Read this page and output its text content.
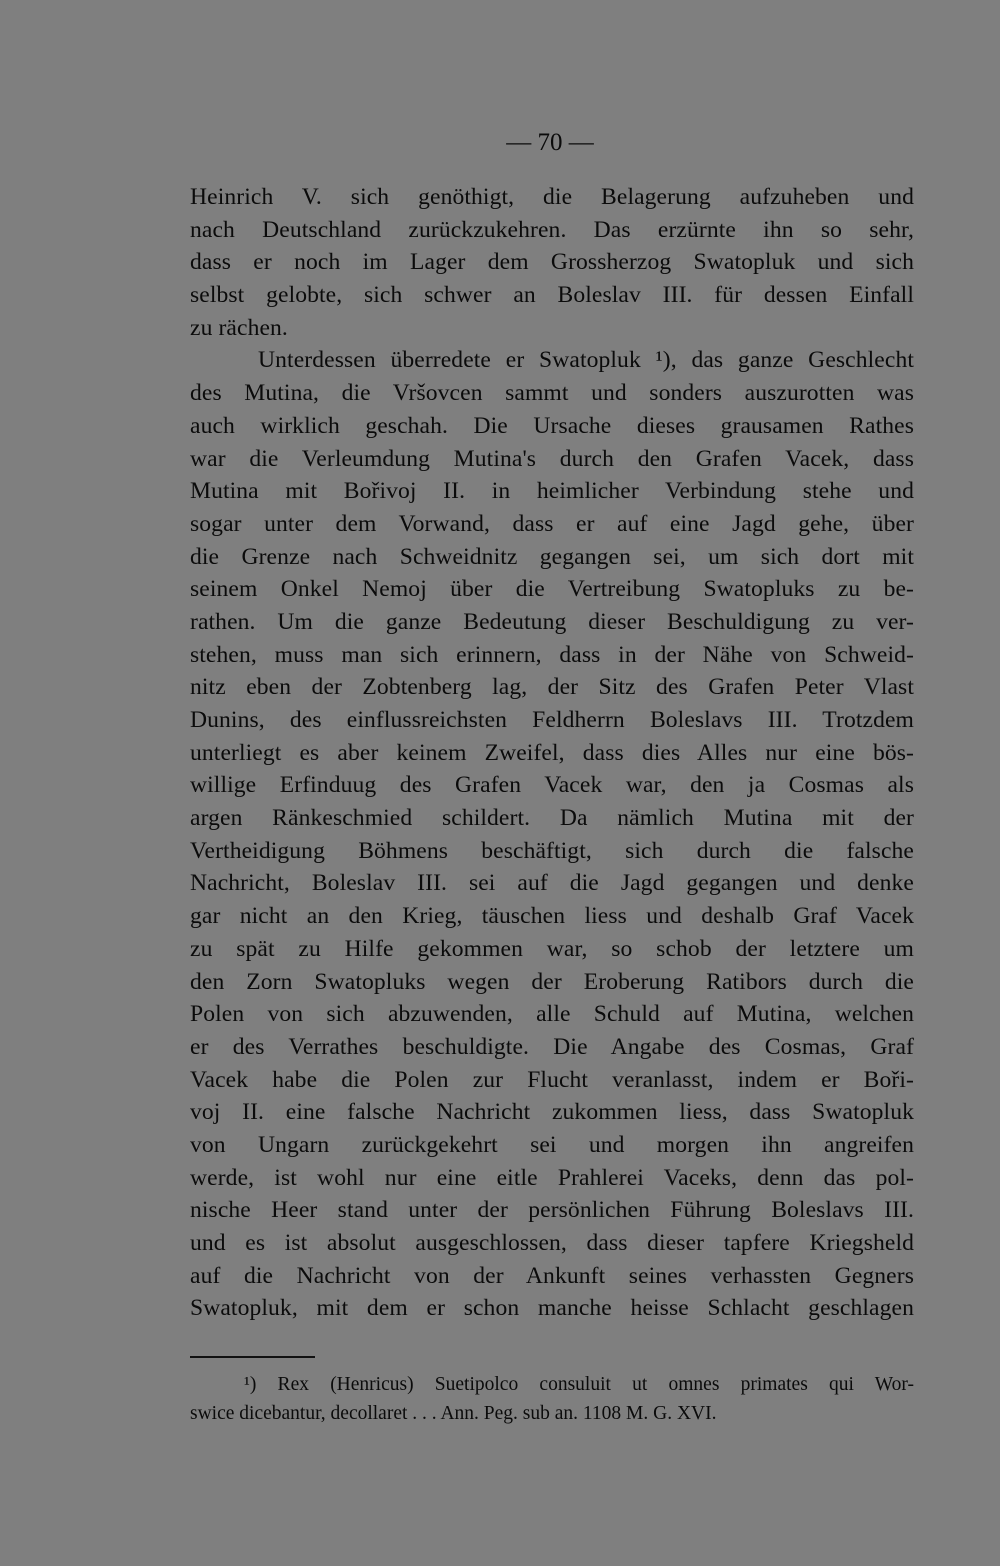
— 70 —
Heinrich V. sich genöthigt, die Belagerung aufzuheben und
nach Deutschland zurückzukehren. Das erzürnte ihn so sehr,
dass er noch im Lager dem Grossherzog Swatopluk und sich
selbst gelobte, sich schwer an Boleslav III. für dessen Einfall
zu rächen.
Unterdessen überredete er Swatopluk ¹), das ganze Geschlecht
des Mutina, die Vršovcen sammt und sonders auszurotten was
auch wirklich geschah. Die Ursache dieses grausamen Rathes
war die Verleumdung Mutina's durch den Grafen Vacek, dass
Mutina mit Bořivoj II. in heimlicher Verbindung stehe und
sogar unter dem Vorwand, dass er auf eine Jagd gehe, über
die Grenze nach Schweidnitz gegangen sei, um sich dort mit
seinem Onkel Nemoj über die Vertreibung Swatopluks zu be-
rathen. Um die ganze Bedeutung dieser Beschuldigung zu ver-
stehen, muss man sich erinnern, dass in der Nähe von Schweid-
nitz eben der Zobtenberg lag, der Sitz des Grafen Peter Vlast
Dunins, des einflussreichsten Feldherrn Boleslavs III. Trotzdem
unterliegt es aber keinem Zweifel, dass dies Alles nur eine bös-
willige Erfinduug des Grafen Vacek war, den ja Cosmas als
argen Ränkeschmied schildert. Da nämlich Mutina mit der
Vertheidigung Böhmens beschäftigt, sich durch die falsche
Nachricht, Boleslav III. sei auf die Jagd gegangen und denke
gar nicht an den Krieg, täuschen liess und deshalb Graf Vacek
zu spät zu Hilfe gekommen war, so schob der letztere um
den Zorn Swatopluks wegen der Eroberung Ratibors durch die
Polen von sich abzuwenden, alle Schuld auf Mutina, welchen
er des Verrathes beschuldigte. Die Angabe des Cosmas, Graf
Vacek habe die Polen zur Flucht veranlasst, indem er Boři-
voj II. eine falsche Nachricht zukommen liess, dass Swatopluk
von Ungarn zurückgekehrt sei und morgen ihn angreifen
werde, ist wohl nur eine eitle Prahlerei Vaceks, denn das pol-
nische Heer stand unter der persönlichen Führung Boleslavs III.
und es ist absolut ausgeschlossen, dass dieser tapfere Kriegsheld
auf die Nachricht von der Ankunft seines verhassten Gegners
Swatopluk, mit dem er schon manche heisse Schlacht geschlagen
¹) Rex (Henricus) Suetipolco consuluit ut omnes primates qui Wor-
swice dicebantur, decollaret . . . Ann. Peg. sub an. 1108 M. G. XVI.
